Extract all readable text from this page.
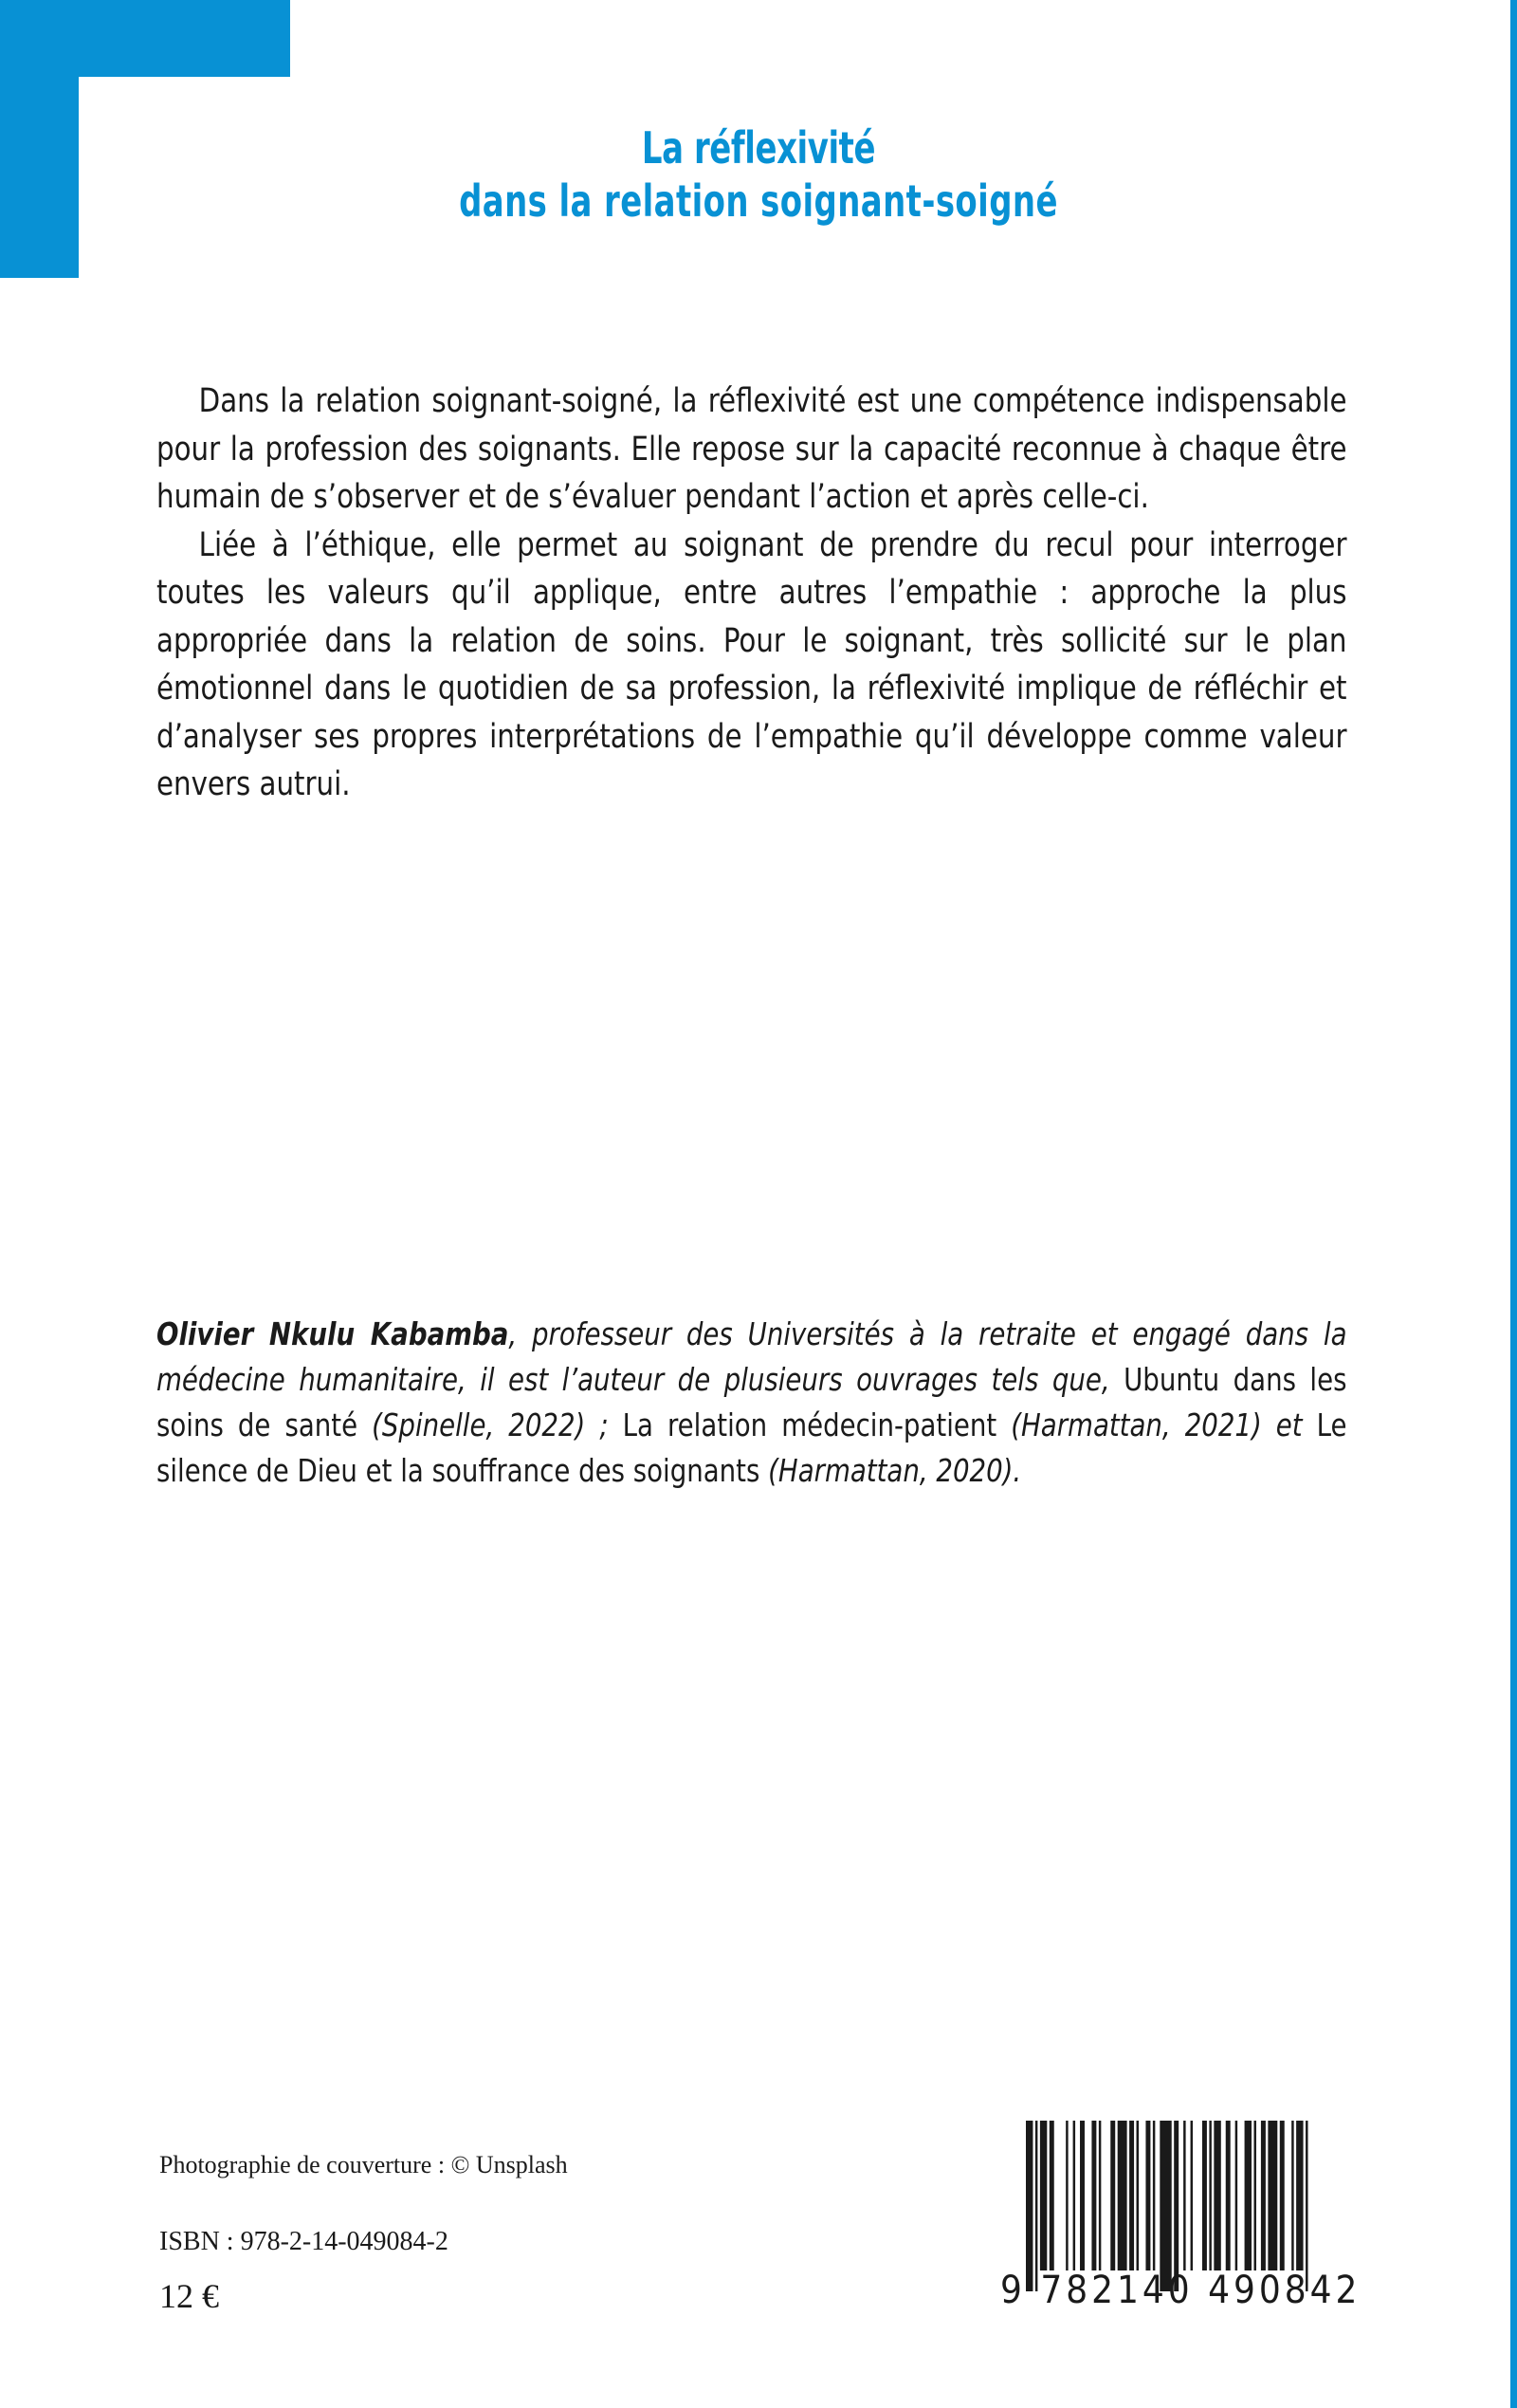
La réflexivité
dans la relation soignant-soigné

Dans la relation soignant-soigné, la réflexivité est une compétence indispensable pour la profession des soignants. Elle repose sur la capacité reconnue à chaque être humain de s’observer et de s’évaluer pendant l’action et après celle-ci.

Liée à l’éthique, elle permet au soignant de prendre du recul pour interroger toutes les valeurs qu’il applique, entre autres l’empathie : approche la plus appropriée dans la relation de soins. Pour le soignant, très sollicité sur le plan émotionnel dans le quotidien de sa profession, la réflexivité implique de réfléchir et d’analyser ses propres interprétations de l’empathie qu’il développe comme valeur envers autrui.

Olivier Nkulu Kabamba, professeur des Universités à la retraite et engagé dans la médecine humanitaire, il est l’auteur de plusieurs ouvrages tels que, Ubuntu dans les soins de santé (Spinelle, 2022) ; La relation médecin-patient (Harmattan, 2021) et Le silence de Dieu et la souffrance des soignants (Harmattan, 2020).

Photographie de couverture : © Unsplash
ISBN : 978-2-14-049084-2
12 €	9 782140 490842
